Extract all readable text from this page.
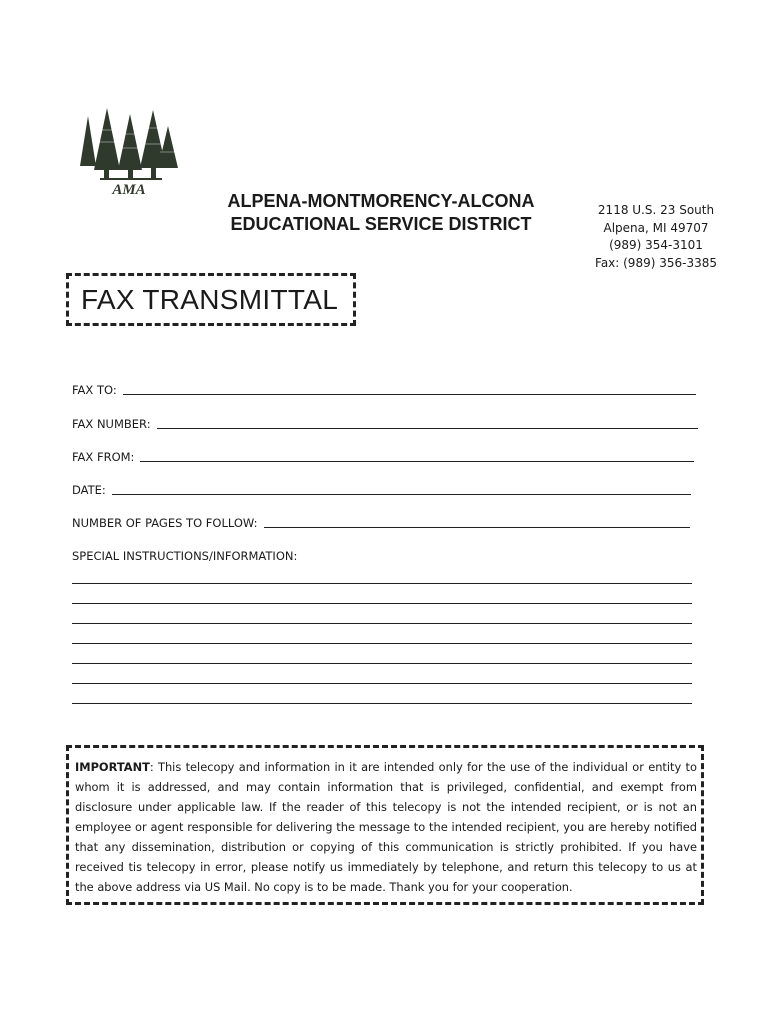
AMA
ALPENA-MONTMORENCY-ALCONA
EDUCATIONAL SERVICE DISTRICT
2118 U.S. 23 South
Alpena, MI 49707
(989) 354-3101
Fax: (989) 356-3385
FAX TRANSMITTAL
FAX TO:
FAX NUMBER:
FAX FROM:
DATE:
NUMBER OF PAGES TO FOLLOW:
SPECIAL INSTRUCTIONS/INFORMATION:

IMPORTANT: This telecopy and information in it are intended only for the use of the individual or entity to whom it is addressed, and may contain information that is privileged, confidential, and exempt from disclosure under applicable law. If the reader of this telecopy is not the intended recipient, or is not an employee or agent responsible for delivering the message to the intended recipient, you are hereby notified that any dissemination, distribution or copying of this communication is strictly prohibited. If you have received tis telecopy in error, please notify us immediately by telephone, and return this telecopy to us at the above address via US Mail. No copy is to be made. Thank you for your cooperation.
